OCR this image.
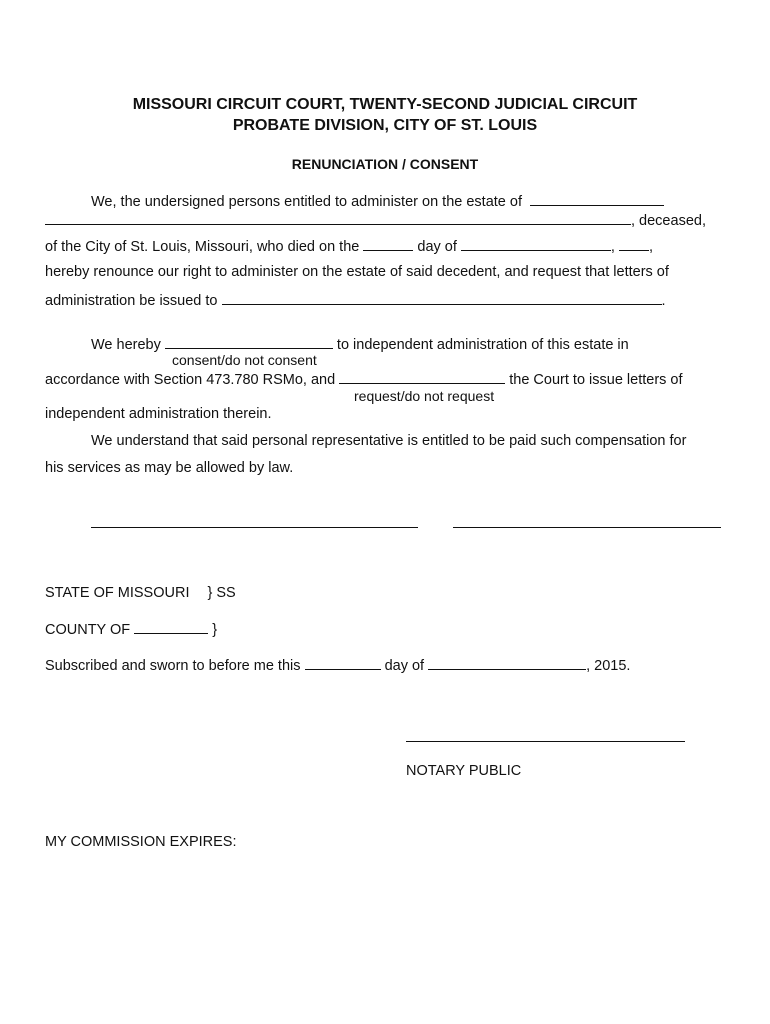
MISSOURI CIRCUIT COURT, TWENTY-SECOND JUDICIAL CIRCUIT
PROBATE DIVISION, CITY OF ST. LOUIS
RENUNCIATION / CONSENT
We, the undersigned persons entitled to administer on the estate of
, deceased,
of the City of St. Louis, Missouri, who died on the	day of	, ,
hereby renounce our right to administer on the estate of said decedent, and request that letters of
administration be issued to	.
We hereby	to independent administration of this estate in
consent/do not consent
accordance with Section 473.780 RSMo, and	the Court to issue letters of
request/do not request
independent administration therein.
We understand that said personal representative is entitled to be paid such compensation for
his services as may be allowed by law.
STATE OF MISSOURI } SS
COUNTY OF	}
Subscribed and sworn to before me this	day of	, 2015.
NOTARY PUBLIC
MY COMMISSION EXPIRES:
